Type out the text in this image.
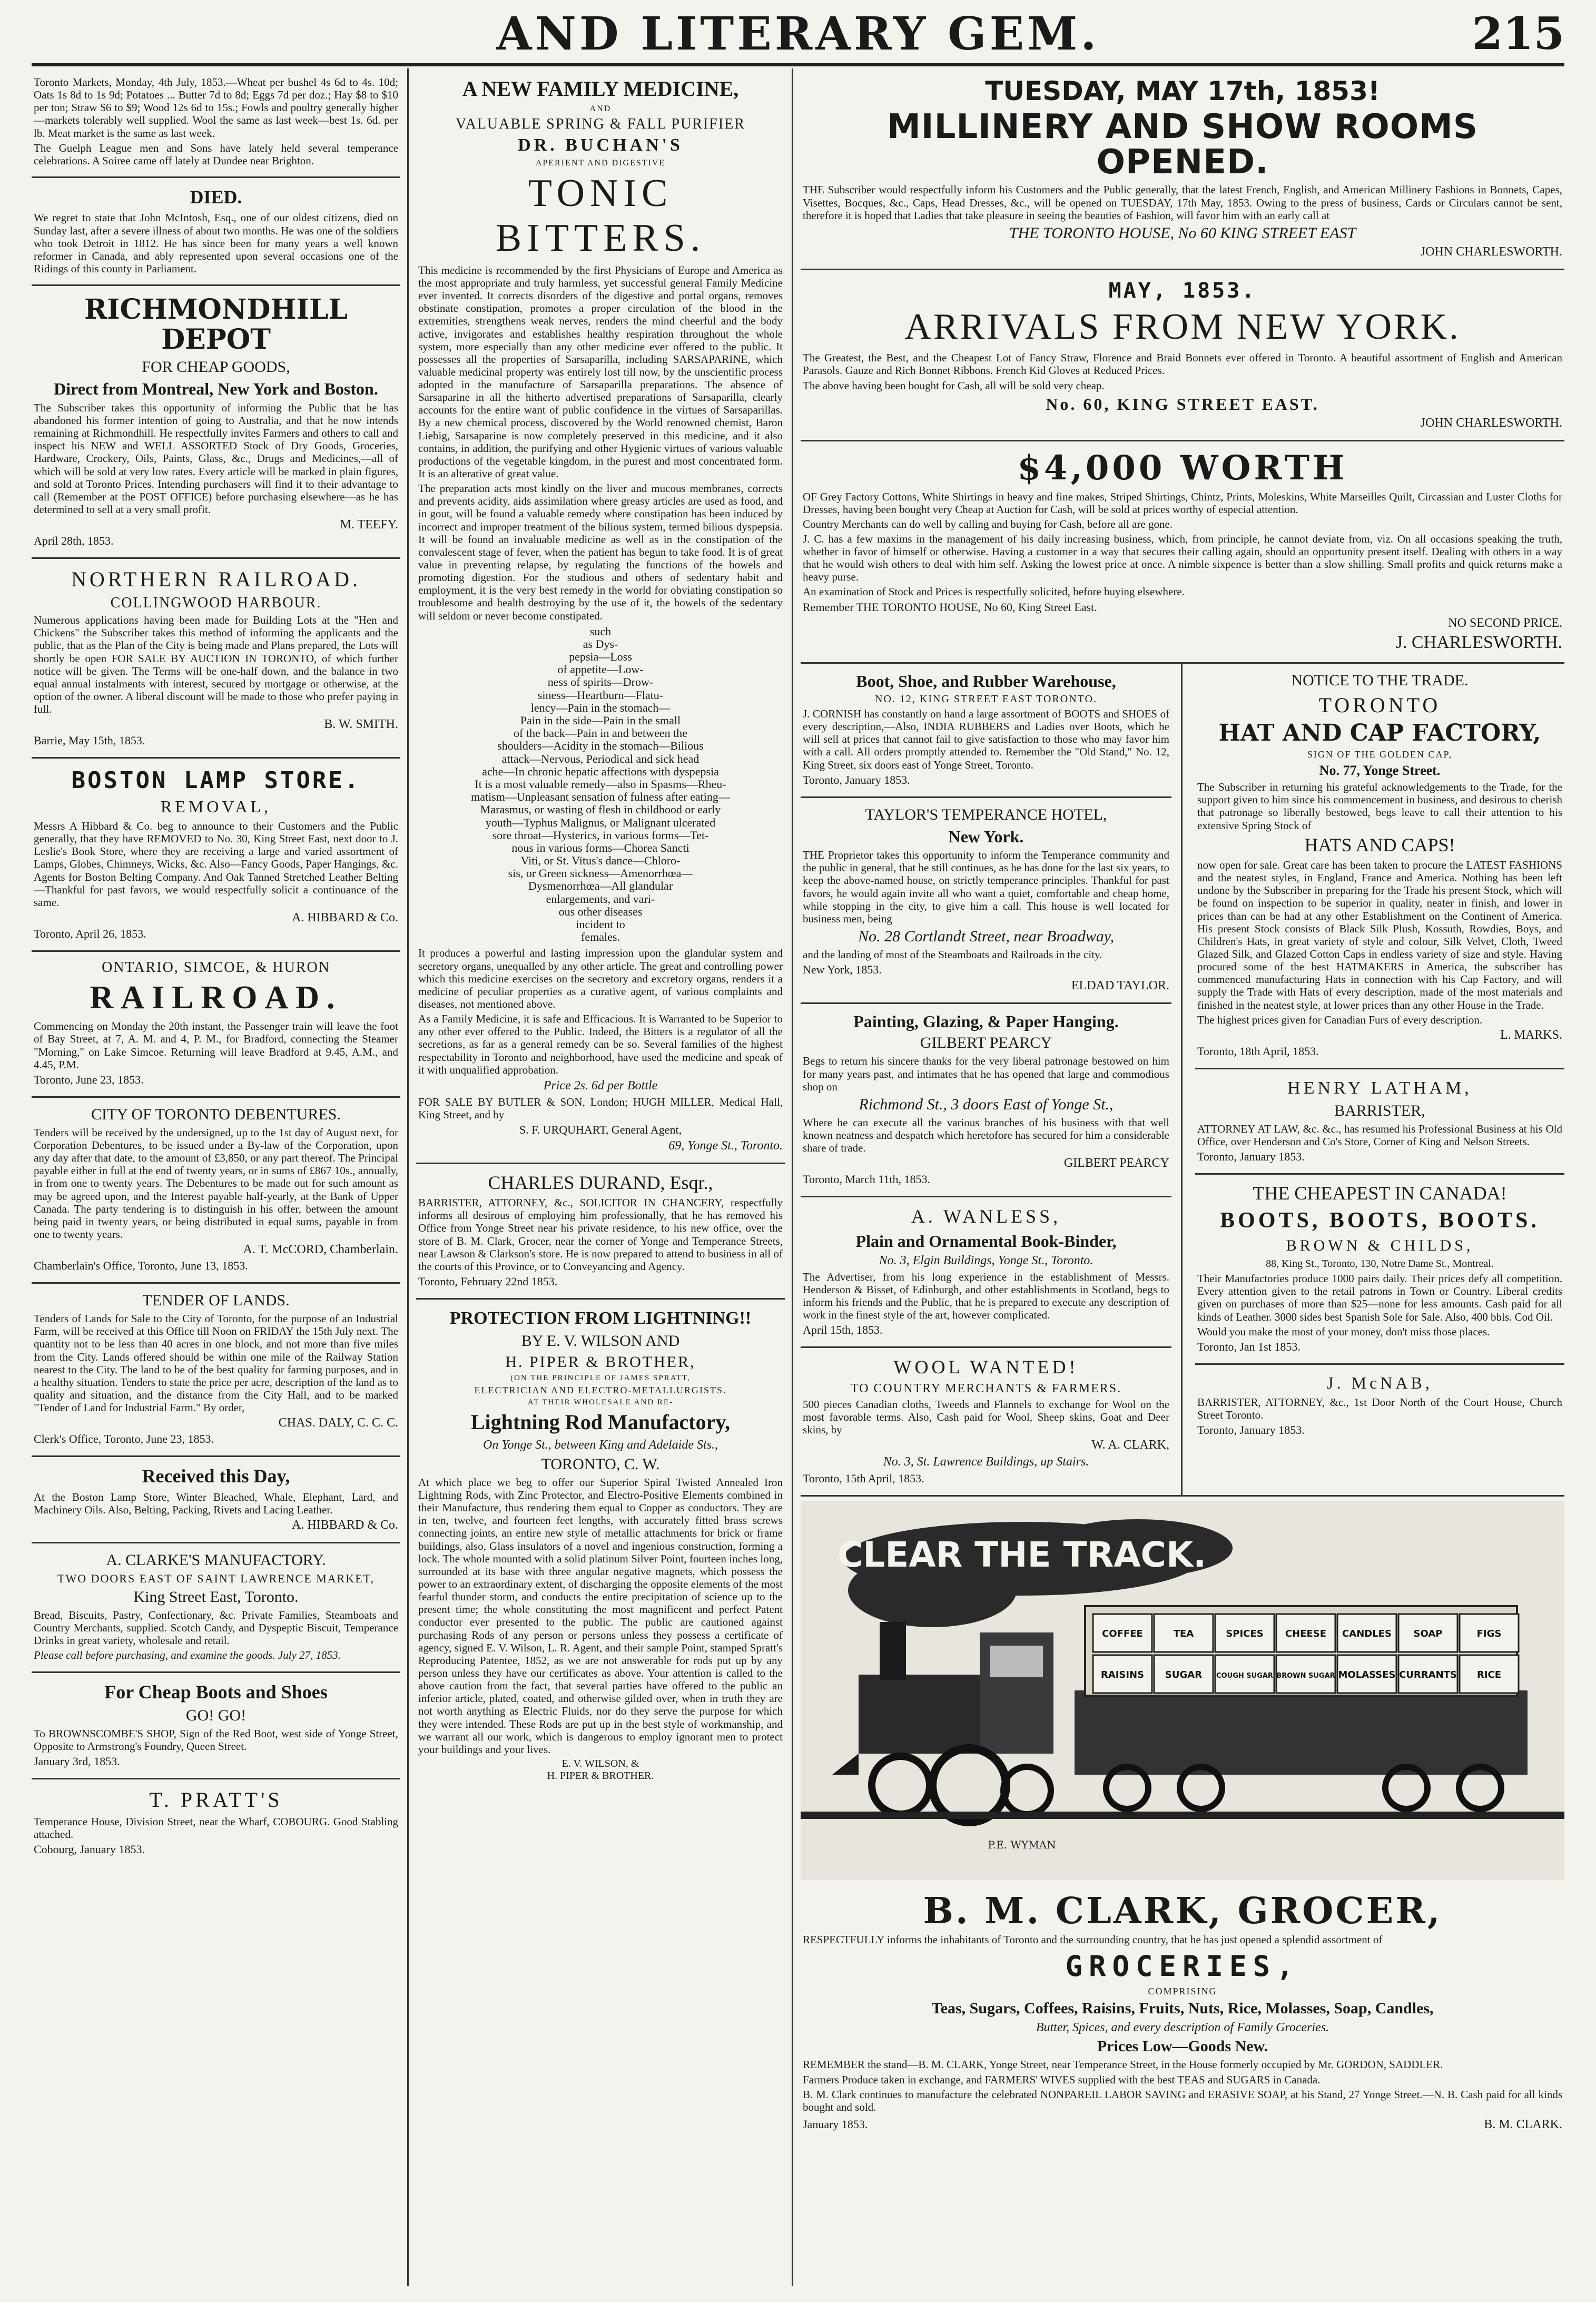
AND LITERARY GEM.	215

Toronto Markets, Monday, 4th July, 1853.—Wheat per bushel 4s 6d to 4s. 10d; Oats 1s 8d to 1s 9d; Potatoes ... Butter 7d to 8d; Eggs 7d per doz.; Hay $8 to $10 per ton; Straw $6 to $9; Wood 12s 6d to 15s.; Fowls and poultry generally higher—markets tolerably well supplied. Wool the same as last week—best 1s. 6d. per lb. Meat market is the same as last week.

The Guelph League men and Sons have lately held several temperance celebrations. A Soiree came off lately at Dundee near Brighton.

DIED.

We regret to state that John McIntosh, Esq., one of our oldest citizens, died on Sunday last, after a severe illness of about two months. He was one of the soldiers who took Detroit in 1812. He has since been for many years a well known reformer in Canada, and ably represented upon several occasions one of the Ridings of this county in Parliament.

RICHMONDHILL DEPOT
FOR CHEAP GOODS,
Direct from Montreal, New York and Boston.

The Subscriber takes this opportunity of informing the Public that he has abandoned his former intention of going to Australia, and that he now intends remaining at Richmondhill. He respectfully invites Farmers and others to call and inspect his NEW and WELL ASSORTED Stock of Dry Goods, Groceries, Hardware, Crockery, Oils, Paints, Glass, &c., Drugs and Medicines,—all of which will be sold at very low rates. Every article will be marked in plain figures, and sold at Toronto Prices. Intending purchasers will find it to their advantage to call (Remember at the POST OFFICE) before purchasing elsewhere—as he has determined to sell at a very small profit.

M. TEEFY.
April 28th, 1853.
NORTHERN RAILROAD.
COLLINGWOOD HARBOUR.

Numerous applications having been made for Building Lots at the "Hen and Chickens" the Subscriber takes this method of informing the applicants and the public, that as the Plan of the City is being made and Plans prepared, the Lots will shortly be open FOR SALE BY AUCTION IN TORONTO, of which further notice will be given. The Terms will be one-half down, and the balance in two equal annual instalments with interest, secured by mortgage or otherwise, at the option of the owner. A liberal discount will be made to those who prefer paying in full.

B. W. SMITH.
Barrie, May 15th, 1853.
BOSTON LAMP STORE.
REMOVAL,

Messrs A Hibbard & Co. beg to announce to their Customers and the Public generally, that they have REMOVED to No. 30, King Street East, next door to J. Leslie's Book Store, where they are receiving a large and varied assortment of Lamps, Globes, Chimneys, Wicks, &c. Also—Fancy Goods, Paper Hangings, &c. Agents for Boston Belting Company. And Oak Tanned Stretched Leather Belting—Thankful for past favors, we would respectfully solicit a continuance of the same.

A. HIBBARD & Co.
Toronto, April 26, 1853.
ONTARIO, SIMCOE, & HURON
RAILROAD.

Commencing on Monday the 20th instant, the Passenger train will leave the foot of Bay Street, at 7, A. M. and 4, P. M., for Bradford, connecting the Steamer "Morning," on Lake Simcoe. Returning will leave Bradford at 9.45, A.M., and 4.45, P.M.

Toronto, June 23, 1853.
CITY OF TORONTO DEBENTURES.

Tenders will be received by the undersigned, up to the 1st day of August next, for Corporation Debentures, to be issued under a By-law of the Corporation, upon any day after that date, to the amount of £3,850, or any part thereof. The Principal payable either in full at the end of twenty years, or in sums of £867 10s., annually, in from one to twenty years. The Debentures to be made out for such amount as may be agreed upon, and the Interest payable half-yearly, at the Bank of Upper Canada. The party tendering is to distinguish in his offer, between the amount being paid in twenty years, or being distributed in equal sums, payable in from one to twenty years.

A. T. McCORD, Chamberlain.
Chamberlain's Office, Toronto, June 13, 1853.
TENDER OF LANDS.

Tenders of Lands for Sale to the City of Toronto, for the purpose of an Industrial Farm, will be received at this Office till Noon on FRIDAY the 15th July next. The quantity not to be less than 40 acres in one block, and not more than five miles from the City. Lands offered should be within one mile of the Railway Station nearest to the City. The land to be of the best quality for farming purposes, and in a healthy situation. Tenders to state the price per acre, description of the land as to quality and situation, and the distance from the City Hall, and to be marked "Tender of Land for Industrial Farm." By order,

CHAS. DALY, C. C. C.
Clerk's Office, Toronto, June 23, 1853.
Received this Day,

At the Boston Lamp Store, Winter Bleached, Whale, Elephant, Lard, and Machinery Oils. Also, Belting, Packing, Rivets and Lacing Leather.

A. HIBBARD & Co.
A. CLARKE'S MANUFACTORY.
TWO DOORS EAST OF SAINT LAWRENCE MARKET,
King Street East, Toronto.

Bread, Biscuits, Pastry, Confectionary, &c. Private Families, Steamboats and Country Merchants, supplied. Scotch Candy, and Dyspeptic Biscuit, Temperance Drinks in great variety, wholesale and retail.

Please call before purchasing, and examine the goods. July 27, 1853.

For Cheap Boots and Shoes
GO! GO!

To BROWNSCOMBE'S SHOP, Sign of the Red Boot, west side of Yonge Street, Opposite to Armstrong's Foundry, Queen Street.

January 3rd, 1853.
T. PRATT'S

Temperance House, Division Street, near the Wharf, COBOURG. Good Stabling attached.

Cobourg, January 1853.
A NEW FAMILY MEDICINE,
AND
VALUABLE SPRING & FALL PURIFIER
DR. BUCHAN'S
APERIENT AND DIGESTIVE
TONIC BITTERS.

This medicine is recommended by the first Physicians of Europe and America as the most appropriate and truly harmless, yet successful general Family Medicine ever invented. It corrects disorders of the digestive and portal organs, removes obstinate constipation, promotes a proper circulation of the blood in the extremities, strengthens weak nerves, renders the mind cheerful and the body active, invigorates and establishes healthy respiration throughout the whole system, more especially than any other medicine ever offered to the public. It possesses all the properties of Sarsaparilla, including SARSAPARINE, which valuable medicinal property was entirely lost till now, by the unscientific process adopted in the manufacture of Sarsaparilla preparations. The absence of Sarsaparine in all the hitherto advertised preparations of Sarsaparilla, clearly accounts for the entire want of public confidence in the virtues of Sarsaparillas. By a new chemical process, discovered by the World renowned chemist, Baron Liebig, Sarsaparine is now completely preserved in this medicine, and it also contains, in addition, the purifying and other Hygienic virtues of various valuable productions of the vegetable kingdom, in the purest and most concentrated form. It is an alterative of great value.

The preparation acts most kindly on the liver and mucous membranes, corrects and prevents acidity, aids assimilation where greasy articles are used as food, and in gout, will be found a valuable remedy where constipation has been induced by incorrect and improper treatment of the bilious system, termed bilious dyspepsia. It will be found an invaluable medicine as well as in the constipation of the convalescent stage of fever, when the patient has begun to take food. It is of great value in preventing relapse, by regulating the functions of the bowels and promoting digestion. For the studious and others of sedentary habit and employment, it is the very best remedy in the world for obviating constipation so troublesome and health destroying by the use of it, the bowels of the sedentary will seldom or never become constipated.

such
as Dys-
pepsia—Loss
of appetite—Low-
ness of spirits—Drow-
siness—Heartburn—Flatu-
lency—Pain in the stomach—
Pain in the side—Pain in the small
of the back—Pain in and between the
shoulders—Acidity in the stomach—Bilious
attack—Nervous, Periodical and sick head
ache—In chronic hepatic affections with dyspepsia
It is a most valuable remedy—also in Spasms—Rheu-
matism—Unpleasant sensation of fulness after eating—
Marasmus, or wasting of flesh in childhood or early
youth—Typhus Malignus, or Malignant ulcerated
sore throat—Hysterics, in various forms—Tet-
nous in various forms—Chorea Sancti
Viti, or St. Vitus's dance—Chloro-
sis, or Green sickness—Amenorrhœa—
Dysmenorrhœa—All glandular
enlargements, and vari-
ous other diseases
incident to
females.

It produces a powerful and lasting impression upon the glandular system and secretory organs, unequalled by any other article. The great and controlling power which this medicine exercises on the secretory and excretory organs, renders it a medicine of peculiar properties as a curative agent, of various complaints and diseases, not mentioned above.

As a Family Medicine, it is safe and Efficacious. It is Warranted to be Superior to any other ever offered to the Public. Indeed, the Bitters is a regulator of all the secretions, as far as a general remedy can be so. Several families of the highest respectability in Toronto and neighborhood, have used the medicine and speak of it with unqualified approbation.

Price 2s. 6d per Bottle

FOR SALE BY BUTLER & SON, London; HUGH MILLER, Medical Hall, King Street, and by

S. F. URQUHART, General Agent,
69, Yonge St., Toronto.
CHARLES DURAND, Esqr.,

BARRISTER, ATTORNEY, &c., SOLICITOR IN CHANCERY, respectfully informs all desirous of employing him professionally, that he has removed his Office from Yonge Street near his private residence, to his new office, over the store of B. M. Clark, Grocer, near the corner of Yonge and Temperance Streets, near Lawson & Clarkson's store. He is now prepared to attend to business in all of the courts of this Province, or to Conveyancing and Agency.

Toronto, February 22nd 1853.
PROTECTION FROM LIGHTNING!!
BY E. V. WILSON AND
H. PIPER & BROTHER,
(ON THE PRINCIPLE OF JAMES SPRATT,
ELECTRICIAN AND ELECTRO-METALLURGISTS.
AT THEIR WHOLESALE AND RE-
Lightning Rod Manufactory,
On Yonge St., between King and Adelaide Sts.,
TORONTO, C. W.

At which place we beg to offer our Superior Spiral Twisted Annealed Iron Lightning Rods, with Zinc Protector, and Electro-Positive Elements combined in their Manufacture, thus rendering them equal to Copper as conductors. They are in ten, twelve, and fourteen feet lengths, with accurately fitted brass screws connecting joints, an entire new style of metallic attachments for brick or frame buildings, also, Glass insulators of a novel and ingenious construction, forming a lock. The whole mounted with a solid platinum Silver Point, fourteen inches long, surrounded at its base with three angular negative magnets, which possess the power to an extraordinary extent, of discharging the opposite elements of the most fearful thunder storm, and conducts the entire precipitation of science up to the present time; the whole constituting the most magnificent and perfect Patent conductor ever presented to the public. The public are cautioned against purchasing Rods of any person or persons unless they possess a certificate of agency, signed E. V. Wilson, L. R. Agent, and their sample Point, stamped Spratt's Reproducing Patentee, 1852, as we are not answerable for rods put up by any person unless they have our certificates as above. Your attention is called to the above caution from the fact, that several parties have offered to the public an inferior article, plated, coated, and otherwise gilded over, when in truth they are not worth anything as Electric Fluids, nor do they serve the purpose for which they were intended. These Rods are put up in the best style of workmanship, and we warrant all our work, which is dangerous to employ ignorant men to protect your buildings and your lives.

E. V. WILSON, &
H. PIPER & BROTHER.
TUESDAY, MAY 17th, 1853!
MILLINERY AND SHOW ROOMS OPENED.

THE Subscriber would respectfully inform his Customers and the Public generally, that the latest French, English, and American Millinery Fashions in Bonnets, Capes, Visettes, Bocques, &c., Caps, Head Dresses, &c., will be opened on TUESDAY, 17th May, 1853. Owing to the press of business, Cards or Circulars cannot be sent, therefore it is hoped that Ladies that take pleasure in seeing the beauties of Fashion, will favor him with an early call at

THE TORONTO HOUSE, No 60 KING STREET EAST
JOHN CHARLESWORTH.
MAY, 1853.
ARRIVALS FROM NEW YORK.

The Greatest, the Best, and the Cheapest Lot of Fancy Straw, Florence and Braid Bonnets ever offered in Toronto. A beautiful assortment of English and American Parasols. Gauze and Rich Bonnet Ribbons. French Kid Gloves at Reduced Prices.

The above having been bought for Cash, all will be sold very cheap.

No. 60, KING STREET EAST.
JOHN CHARLESWORTH.
$4,000 WORTH

OF Grey Factory Cottons, White Shirtings in heavy and fine makes, Striped Shirtings, Chintz, Prints, Moleskins, White Marseilles Quilt, Circassian and Luster Cloths for Dresses, having been bought very Cheap at Auction for Cash, will be sold at prices worthy of especial attention.

Country Merchants can do well by calling and buying for Cash, before all are gone.

J. C. has a few maxims in the management of his daily increasing business, which, from principle, he cannot deviate from, viz. On all occasions speaking the truth, whether in favor of himself or otherwise. Having a customer in a way that secures their calling again, should an opportunity present itself. Dealing with others in a way that he would wish others to deal with him self. Asking the lowest price at once. A nimble sixpence is better than a slow shilling. Small profits and quick returns make a heavy purse.

An examination of Stock and Prices is respectfully solicited, before buying elsewhere.

Remember THE TORONTO HOUSE, No 60, King Street East.
NO SECOND PRICE.
J. CHARLESWORTH.
Boot, Shoe, and Rubber Warehouse,
NO. 12, KING STREET EAST TORONTO.

J. CORNISH has constantly on hand a large assortment of BOOTS and SHOES of every description,—Also, INDIA RUBBERS and Ladies over Boots, which he will sell at prices that cannot fail to give satisfaction to those who may favor him with a call. All orders promptly attended to. Remember the "Old Stand," No. 12, King Street, six doors east of Yonge Street, Toronto.

Toronto, January 1853.
TAYLOR'S TEMPERANCE HOTEL,
New York.

THE Proprietor takes this opportunity to inform the Temperance community and the public in general, that he still continues, as he has done for the last six years, to keep the above-named house, on strictly temperance principles. Thankful for past favors, he would again invite all who want a quiet, comfortable and cheap home, while stopping in the city, to give him a call. This house is well located for business men, being

No. 28 Cortlandt Street, near Broadway,

and the landing of most of the Steamboats and Railroads in the city.

New York, 1853.
ELDAD TAYLOR.
Painting, Glazing, & Paper Hanging.
GILBERT PEARCY

Begs to return his sincere thanks for the very liberal patronage bestowed on him for many years past, and intimates that he has opened that large and commodious shop on

Richmond St., 3 doors East of Yonge St.,

Where he can execute all the various branches of his business with that well known neatness and despatch which heretofore has secured for him a considerable share of trade.

GILBERT PEARCY
Toronto, March 11th, 1853.
A. WANLESS,
Plain and Ornamental Book-Binder,
No. 3, Elgin Buildings, Yonge St., Toronto.

The Advertiser, from his long experience in the establishment of Messrs. Henderson & Bisset, of Edinburgh, and other establishments in Scotland, begs to inform his friends and the Public, that he is prepared to execute any description of work in the finest style of the art, however complicated.

April 15th, 1853.
WOOL WANTED!
TO COUNTRY MERCHANTS & FARMERS.

500 pieces Canadian cloths, Tweeds and Flannels to exchange for Wool on the most favorable terms. Also, Cash paid for Wool, Sheep skins, Goat and Deer skins, by

W. A. CLARK,
No. 3, St. Lawrence Buildings, up Stairs.
Toronto, 15th April, 1853.
NOTICE TO THE TRADE.
TORONTO
HAT AND CAP FACTORY,
SIGN OF THE GOLDEN CAP,
No. 77, Yonge Street.

The Subscriber in returning his grateful acknowledgements to the Trade, for the support given to him since his commencement in business, and desirous to cherish that patronage so liberally bestowed, begs leave to call their attention to his extensive Spring Stock of

HATS AND CAPS!

now open for sale. Great care has been taken to procure the LATEST FASHIONS and the neatest styles, in England, France and America. Nothing has been left undone by the Subscriber in preparing for the Trade his present Stock, which will be found on inspection to be superior in quality, neater in finish, and lower in prices than can be had at any other Establishment on the Continent of America. His present Stock consists of Black Silk Plush, Kossuth, Rowdies, Boys, and Children's Hats, in great variety of style and colour, Silk Velvet, Cloth, Tweed Glazed Silk, and Glazed Cotton Caps in endless variety of size and style. Having procured some of the best HATMAKERS in America, the subscriber has commenced manufacturing Hats in connection with his Cap Factory, and will supply the Trade with Hats of every description, made of the most materials and finished in the neatest style, at lower prices than any other House in the Trade.

The highest prices given for Canadian Furs of every description.

L. MARKS.
Toronto, 18th April, 1853.
HENRY LATHAM,
BARRISTER,

ATTORNEY AT LAW, &c. &c., has resumed his Professional Business at his Old Office, over Henderson and Co's Store, Corner of King and Nelson Streets.

Toronto, January 1853.
THE CHEAPEST IN CANADA!
BOOTS, BOOTS, BOOTS.
BROWN & CHILDS,
88, King St., Toronto, 130, Notre Dame St., Montreal.

Their Manufactories produce 1000 pairs daily. Their prices defy all competition. Every attention given to the retail patrons in Town or Country. Liberal credits given on purchases of more than $25—none for less amounts. Cash paid for all kinds of Leather. 3000 sides best Spanish Sole for Sale. Also, 400 bbls. Cod Oil.

Would you make the most of your money, don't miss those places.

Toronto, Jan 1st 1853.
J. McNAB,

BARRISTER, ATTORNEY, &c., 1st Door North of the Court House, Church Street Toronto.

Toronto, January 1853.
CLEAR THE TRACK.
COFFEE	TEA	SPICES CHEESE CANDLES SOAP	FIGS
RAISINS SUGAR COUGH SUGAR BROWN SUGAR MOLASSES CURRANTS RICE
P.E. WYMAN
B. M. CLARK, GROCER,

RESPECTFULLY informs the inhabitants of Toronto and the surrounding country, that he has just opened a splendid assortment of

GROCERIES,
COMPRISING
Teas, Sugars, Coffees, Raisins, Fruits, Nuts, Rice, Molasses, Soap, Candles,
Butter, Spices, and every description of Family Groceries.
Prices Low—Goods New.

REMEMBER the stand—B. M. CLARK, Yonge Street, near Temperance Street, in the House formerly occupied by Mr. GORDON, SADDLER.

Farmers Produce taken in exchange, and FARMERS' WIVES supplied with the best TEAS and SUGARS in Canada.

B. M. Clark continues to manufacture the celebrated NONPAREIL LABOR SAVING and ERASIVE SOAP, at his Stand, 27 Yonge Street.—N. B. Cash paid for all kinds bought and sold.

January 1853.	B. M. CLARK.
